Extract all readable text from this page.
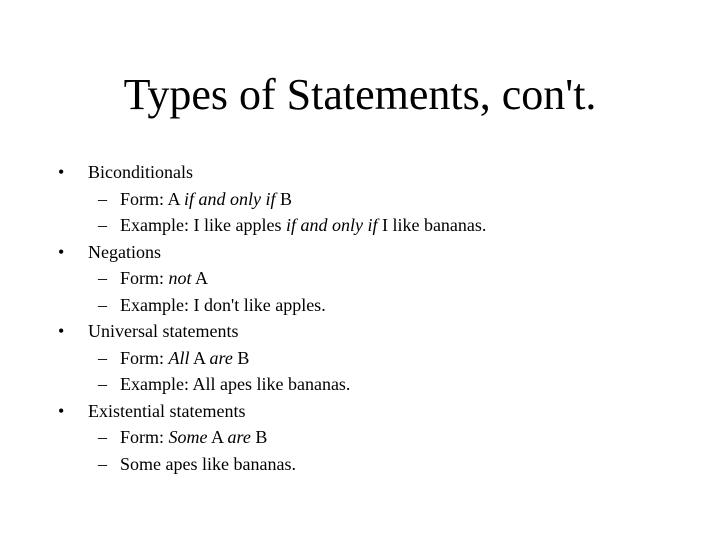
Types of Statements, con't.
• Biconditionals
– Form: A if and only if B
– Example: I like apples if and only if I like bananas.
• Negations
– Form: not A
– Example: I don't like apples.
• Universal statements
– Form: All A are B
– Example: All apes like bananas.
• Existential statements
– Form: Some A are B
– Some apes like bananas.
